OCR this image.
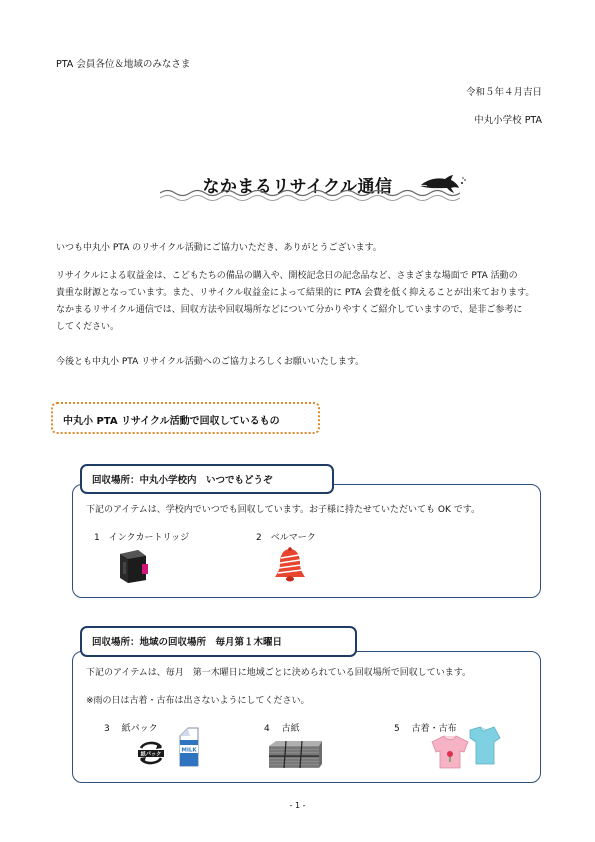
PTA 会員各位＆地域のみなさま
令和５年４月吉日
中丸小学校 PTA
なかまるリサイクル通信
いつも中丸小 PTA のリサイクル活動にご協力いただき、ありがとうございます。
リサイクルによる収益金は、こどもたちの備品の購入や、開校記念日の記念品など、さまざまな場面で PTA 活動の
貴重な財源となっています。また、リサイクル収益金によって結果的に PTA 会費を低く抑えることが出来ております。
なかまるリサイクル通信では、回収方法や回収場所などについて分かりやすくご紹介していますので、是非ご参考に
してください。
今後とも中丸小 PTA リサイクル活動へのご協力よろしくお願いいたします。
中丸小 PTA リサイクル活動で回収しているもの
回収場所：中丸小学校内　いつでもどうぞ
下記のアイテムは、学校内でいつでも回収しています。お子様に持たせていただいても OK です。
1　インクカートリッジ	2　ベルマーク
回収場所：地域の回収場所　毎月第１木曜日
下記のアイテムは、毎月　第一木曜日に地域ごとに決められている回収場所で回収しています。
※雨の日は古着・古布は出さないようにしてください。
3　 紙パック	4　 古紙	5　 古着・古布
紙パック
MILK
- 1 -
